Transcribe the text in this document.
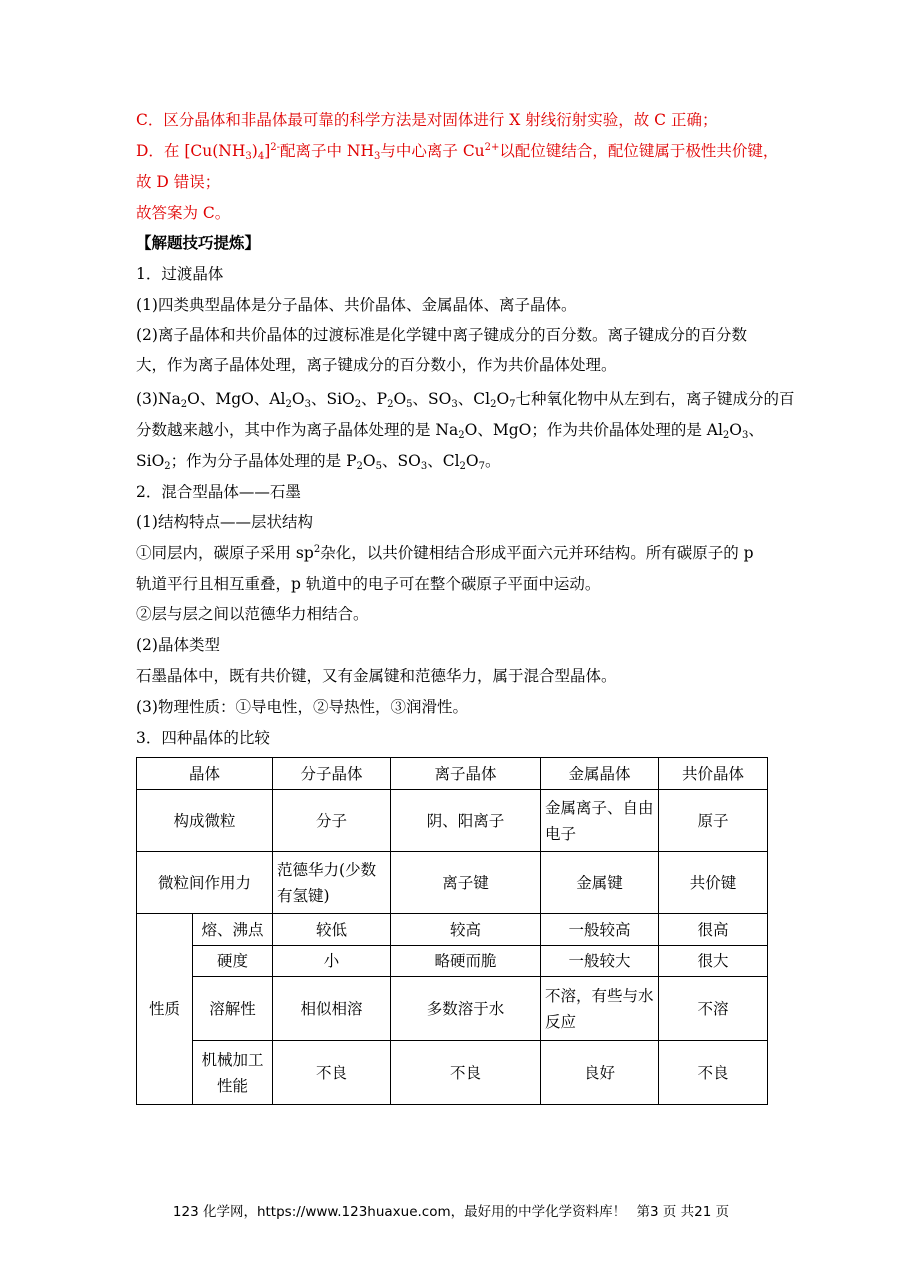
C．区分晶体和非晶体最可靠的科学方法是对固体进行 X 射线衍射实验，故 C 正确；
D．在 $[Cu(NH_3)_4]^{2-}$配离子中 $NH_3$与中心离子 $Cu^{2+}$以配位键结合，配位键属于极性共价键，
故 D 错误；
故答案为 C。
【解题技巧提炼】
1．过渡晶体
(1)四类典型晶体是分子晶体、共价晶体、金属晶体、离子晶体。
(2)离子晶体和共价晶体的过渡标准是化学键中离子键成分的百分数。离子键成分的百分数
大，作为离子晶体处理，离子键成分的百分数小，作为共价晶体处理。
$(3)Na_2O$、MgO、$Al_2O_3$、SiO$_2$、$P_2O_5$、$SO_3$、$Cl_2O_7$七种氧化物中从左到右，离子键成分的百
分数越来越小，其中作为离子晶体处理的是 $Na_2O$、MgO；作为共价晶体处理的是 $Al_2O_3$、
SiO$_2$；作为分子晶体处理的是 $P_2O_5$、$SO_3$、$Cl_2O_7$。
2．混合型晶体——石墨
(1)结构特点——层状结构
①同层内，碳原子采用 $sp^2$杂化，以共价键相结合形成平面六元并环结构。所有碳原子的 p
轨道平行且相互重叠，p 轨道中的电子可在整个碳原子平面中运动。
②层与层之间以范德华力相结合。
(2)晶体类型
石墨晶体中，既有共价键，又有金属键和范德华力，属于混合型晶体。
(3)物理性质：①导电性，②导热性，③润滑性。
3．四种晶体的比较
晶体		分子晶体	离子晶体	金属晶体	共价晶体
构成微粒		分子	阴、阳离子	金属离子、自由电子	原子
微粒间作用力		范德华力(少数有氢键)	离子键	金属键	共价键
性质	熔、沸点	较低	较高	一般较高	很高
	硬度	小	略硬而脆	一般较大	很大
	溶解性	相似相溶	多数溶于水	不溶，有些与水反应	不溶
	机械加工性能	不良	不良	良好	不良
123 化学网，https://www.123huaxue.com，最好用的中学化学资料库！ 第3 页 共21 页
